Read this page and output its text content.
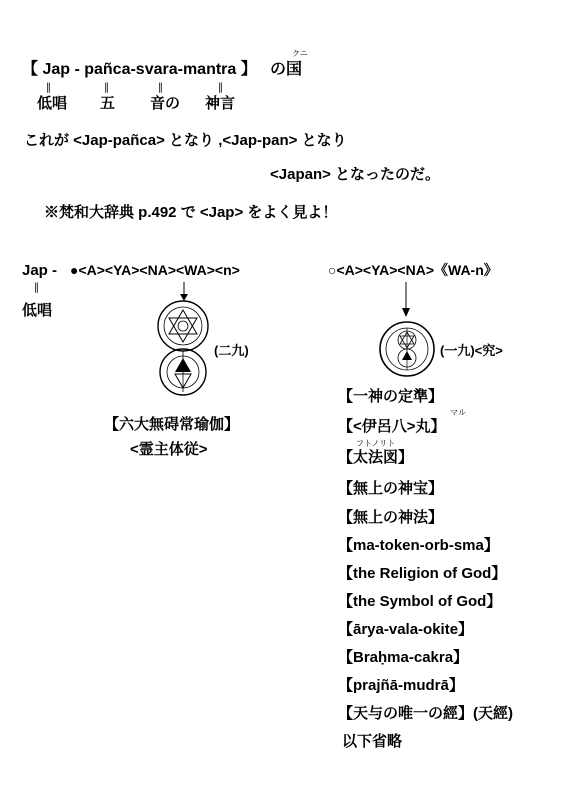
【 Jap - pañca-svara-mantra 】 の国
クニ
‖	‖	‖	‖
低唱 五 音の 神言
これが <Jap-pañca> となり ,<Jap-pan> となり
<Japan> となったのだ。
※梵和大辞典 p.492 で <Jap> をよく見よ！
Jap -
‖
低唱
●<A><YA><NA><WA><n>	○<A><YA><NA>《WA-n》
(二九)
【六大無碍常瑜伽】
<霊主体従>
(一九)<究>
【一神の定準】
マル
【<伊呂八>丸】
フトノリト
【太法図】
【無上の神宝】
【無上の神法】
【ma-token-orb-sma】
【the Religion of God】
【the Symbol of God】
【ārya-vala-okite】
【Braḥma-cakra】
【prajñā-mudrā】
【天与の唯一の經】(天經)
以下省略
